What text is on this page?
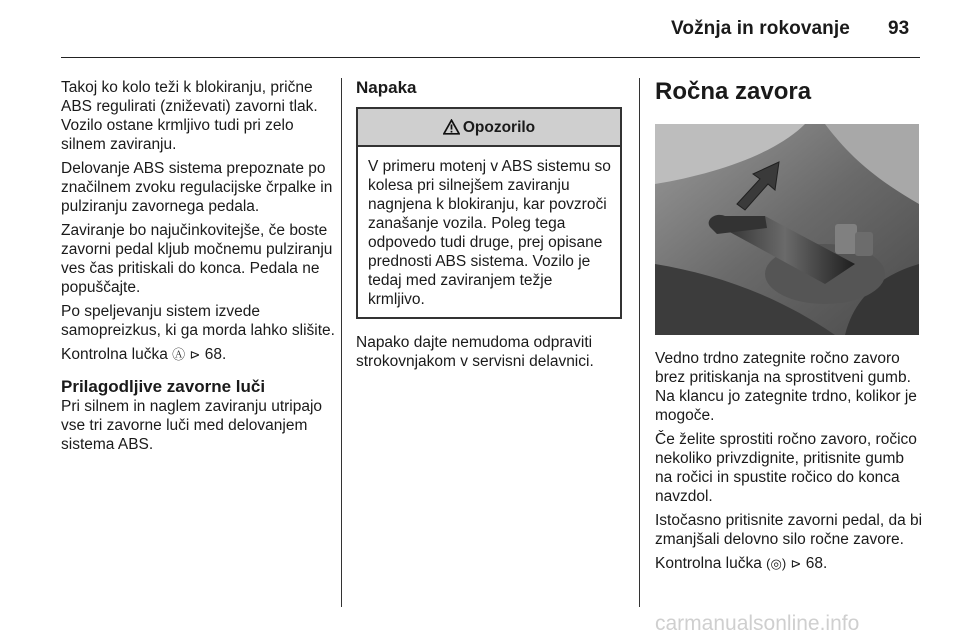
Vožnja in rokovanje 93

Takoj ko kolo teži k blokiranju, prične ABS regulirati (zniževati) zavorni tlak. Vozilo ostane krmljivo tudi pri zelo silnem zaviranju.

Delovanje ABS sistema prepoznate po značilnem zvoku regulacijske črpalke in pulziranju zavornega pedala.

Zaviranje bo najučinkovitejše, če boste zavorni pedal kljub močnemu pulziranju ves čas pritiskali do konca. Pedala ne popuščajte.

Po speljevanju sistem izvede samopreizkus, ki ga morda lahko slišite.

Kontrolna lučka Ⓐ ⊳ 68.

Prilagodljive zavorne luči

Pri silnem in naglem zaviranju utripajo vse tri zavorne luči med delovanjem sistema ABS.

Napaka
Opozorilo

V primeru motenj v ABS sistemu so kolesa pri silnejšem zaviranju nagnjena k blokiranju, kar povzroči zanašanje vozila. Poleg tega odpovedo tudi druge, prej opisane prednosti ABS sistema. Vozilo je tedaj med zaviranjem težje krmljivo.

Napako dajte nemudoma odpraviti strokovnjakom v servisni delavnici.

Ročna zavora

Vedno trdno zategnite ročno zavoro brez pritiskanja na sprostitveni gumb. Na klancu jo zategnite trdno, kolikor je mogoče.

Če želite sprostiti ročno zavoro, ročico nekoliko privzdignite, pritisnite gumb na ročici in spustite ročico do konca navzdol.

Istočasno pritisnite zavorni pedal, da bi zmanjšali delovno silo ročne zavore.

Kontrolna lučka (◎) ⊳ 68.

carmanualsonline.info
